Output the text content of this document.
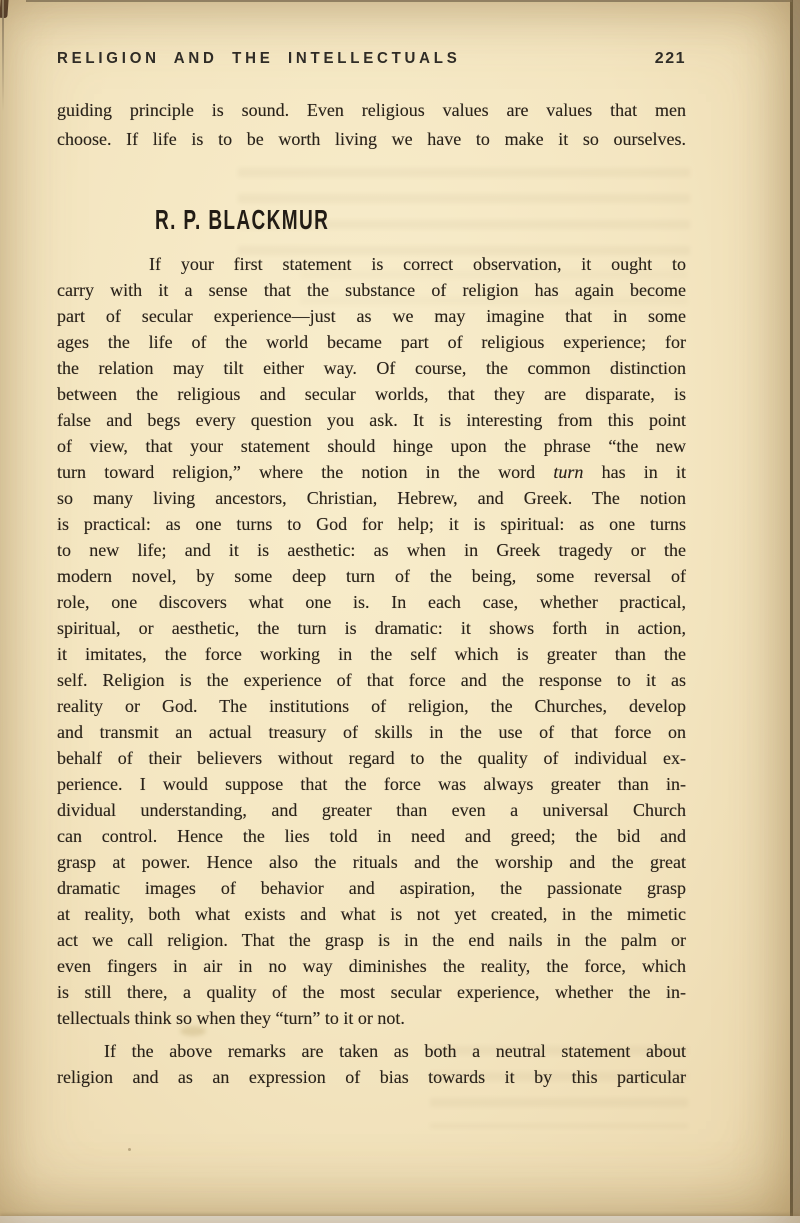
RELIGION AND THE INTELLECTUALS	221
guiding principle is sound. Even religious values are values that men
choose. If life is to be worth living we have to make it so ourselves.
R. P. BLACKMUR
If your first statement is correct observation, it ought to
carry with it a sense that the substance of religion has again become
part of secular experience—just as we may imagine that in some
ages the life of the world became part of religious experience; for
the relation may tilt either way. Of course, the common distinction
between the religious and secular worlds, that they are disparate, is
false and begs every question you ask. It is interesting from this point
of view, that your statement should hinge upon the phrase “the new
turn toward religion,” where the notion in the word turn has in it
so many living ancestors, Christian, Hebrew, and Greek. The notion
is practical: as one turns to God for help; it is spiritual: as one turns
to new life; and it is aesthetic: as when in Greek tragedy or the
modern novel, by some deep turn of the being, some reversal of
role, one discovers what one is. In each case, whether practical,
spiritual, or aesthetic, the turn is dramatic: it shows forth in action,
it imitates, the force working in the self which is greater than the
self. Religion is the experience of that force and the response to it as
reality or God. The institutions of religion, the Churches, develop
and transmit an actual treasury of skills in the use of that force on
behalf of their believers without regard to the quality of individual ex-
perience. I would suppose that the force was always greater than in-
dividual understanding, and greater than even a universal Church
can control. Hence the lies told in need and greed; the bid and
grasp at power. Hence also the rituals and the worship and the great
dramatic images of behavior and aspiration, the passionate grasp
at reality, both what exists and what is not yet created, in the mimetic
act we call religion. That the grasp is in the end nails in the palm or
even fingers in air in no way diminishes the reality, the force, which
is still there, a quality of the most secular experience, whether the in-
tellectuals think so when they “turn” to it or not.
If the above remarks are taken as both a neutral statement about
religion and as an expression of bias towards it by this particular
